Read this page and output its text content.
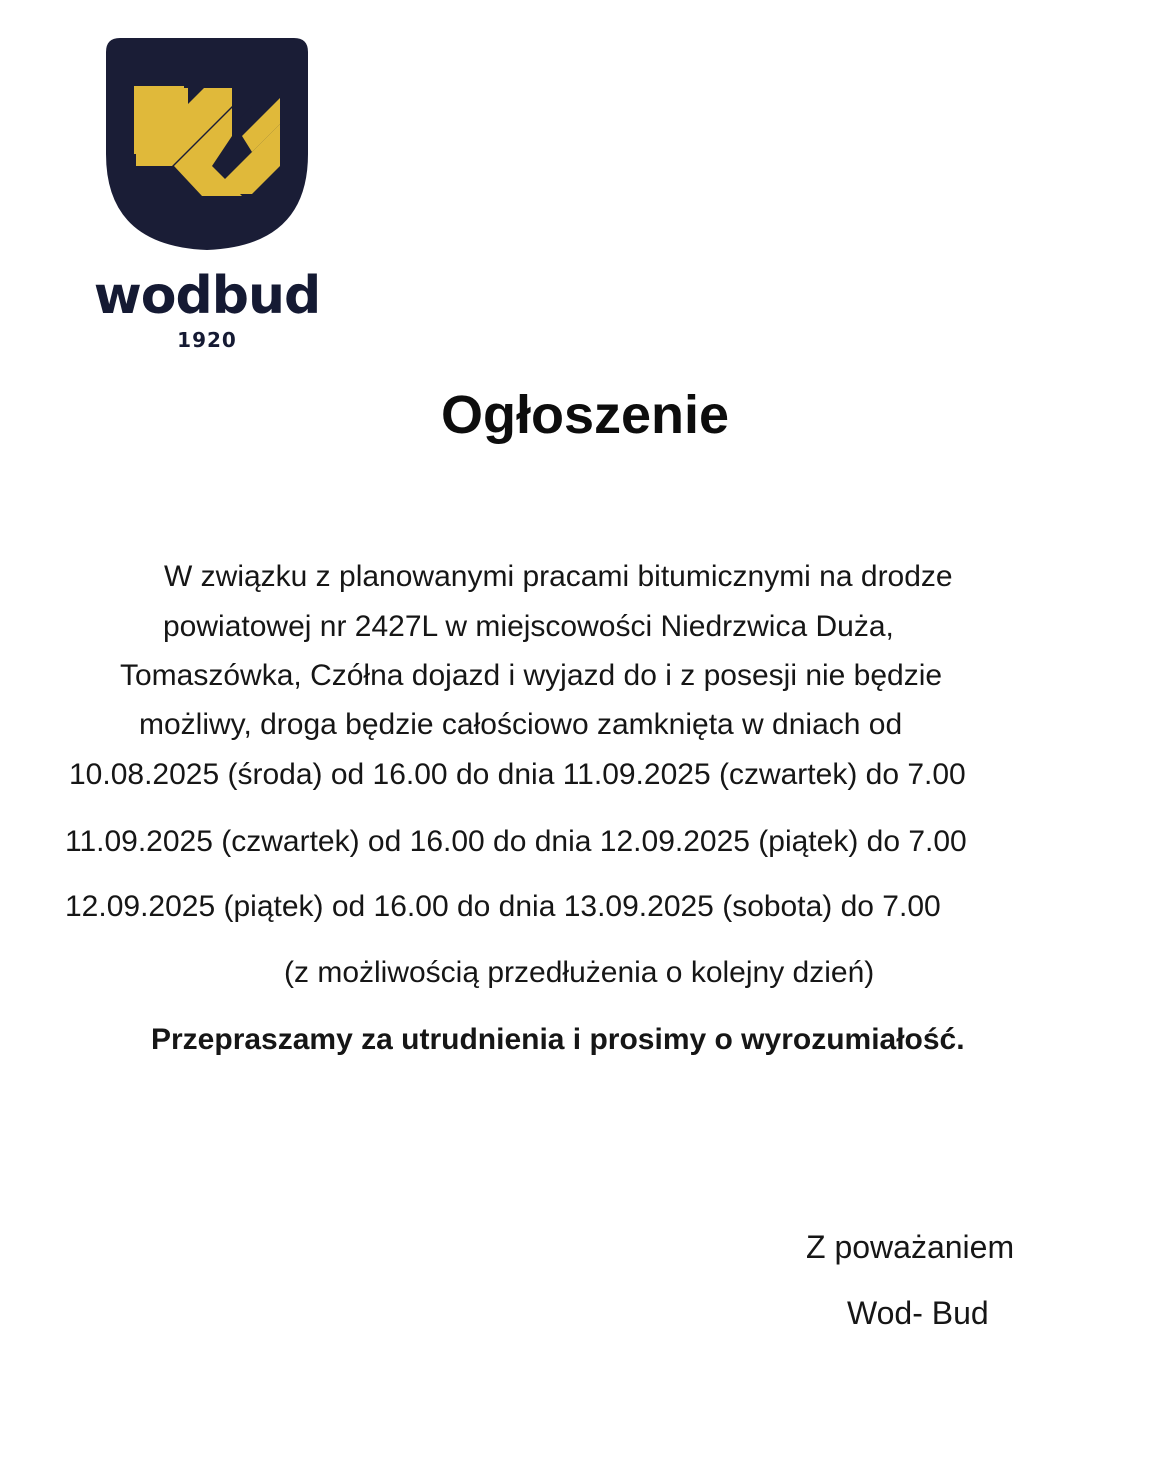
wodbud
1920
Ogłoszenie
W związku z planowanymi pracami bitumicznymi na drodze
powiatowej nr 2427L w miejscowości Niedrzwica Duża,
Tomaszówka, Czółna dojazd i wyjazd do i z posesji nie będzie
możliwy, droga będzie całościowo zamknięta w dniach od
10.08.2025 (środa) od 16.00 do dnia 11.09.2025 (czwartek) do 7.00
11.09.2025 (czwartek) od 16.00 do dnia 12.09.2025 (piątek) do 7.00
12.09.2025 (piątek) od 16.00 do dnia 13.09.2025 (sobota) do 7.00
(z możliwością przedłużenia o kolejny dzień)
Przepraszamy za utrudnienia i prosimy o wyrozumiałość.
Z poważaniem
Wod- Bud
